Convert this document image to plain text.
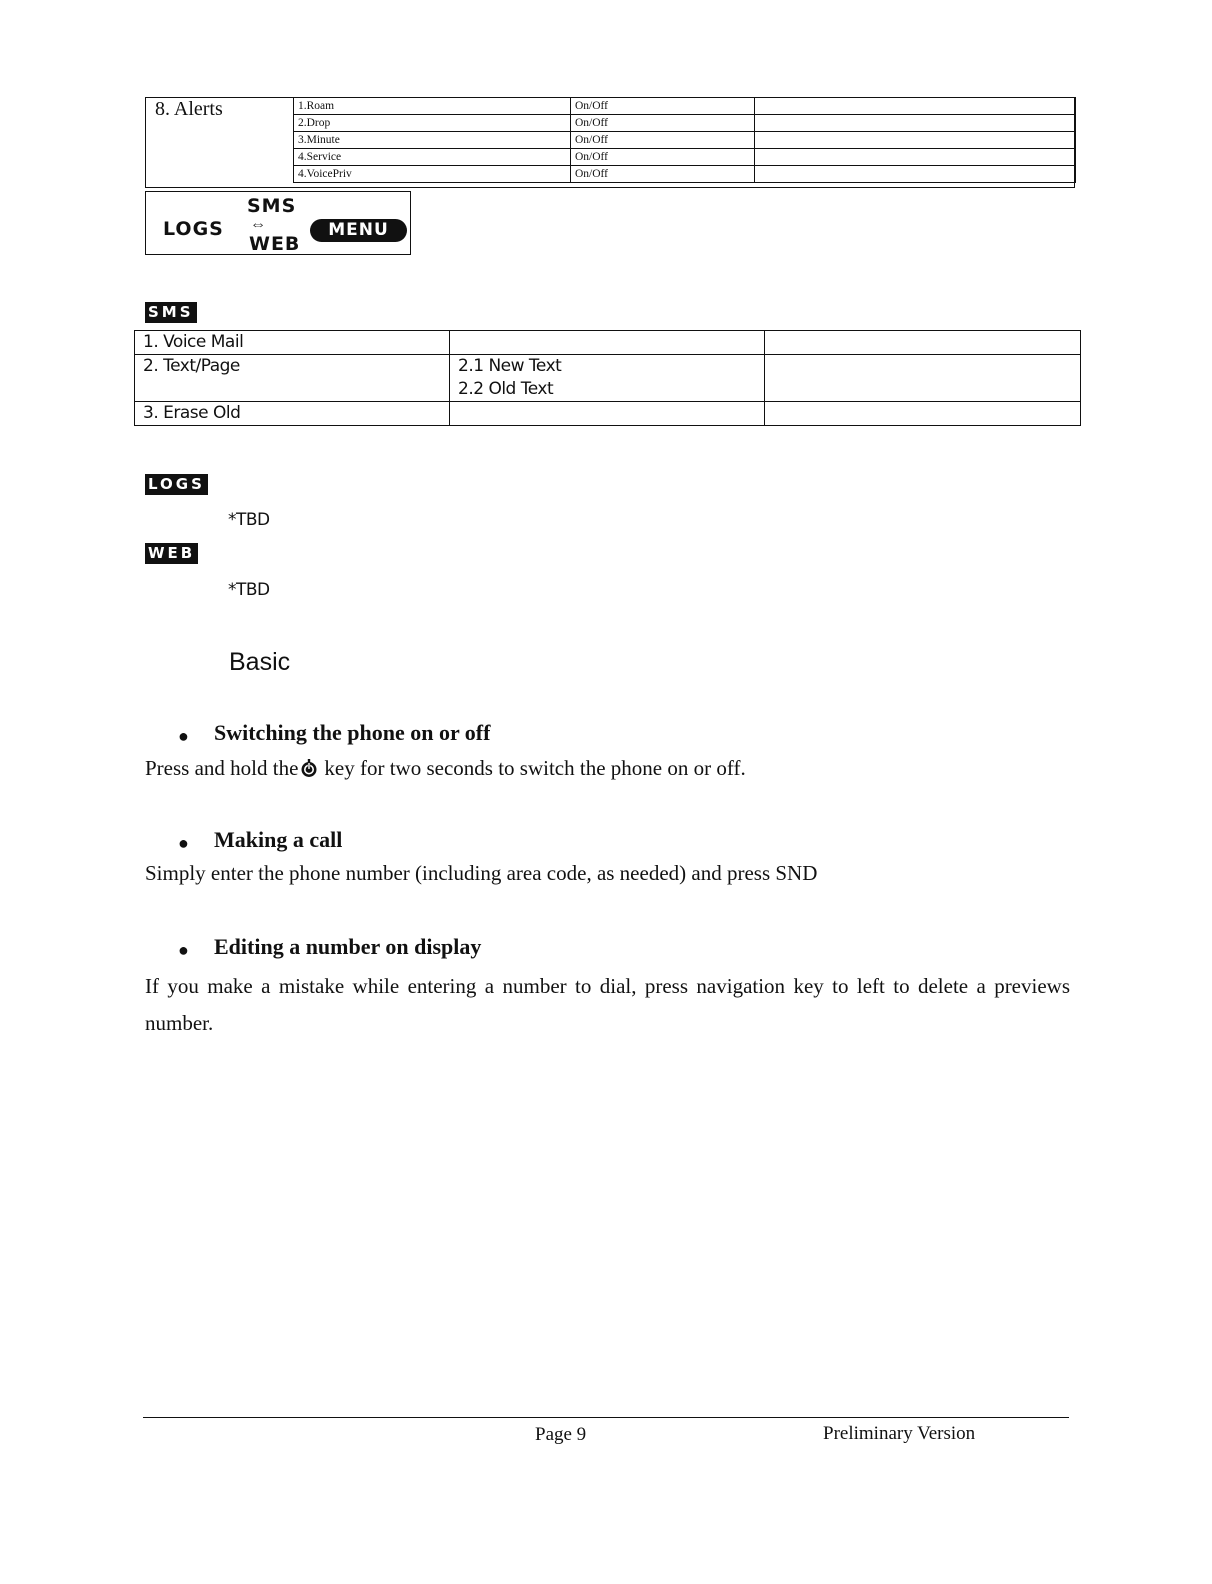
8. Alerts	1.Roam	On/Off	
2.Drop	On/Off	
3.Minute	On/Off	
4.Service	On/Off	
4.VoicePriv	On/Off	
LOGS
SMS
⇔
WEB
MENU
SMS
1. Voice Mail		
2. Text/Page	2.1 New Text
2.2 Old Text	

3. Erase Old		
LOGS
*TBD
WEB
*TBD
Basic
● Switching the phone on or off
Press and hold the key for two seconds to switch the phone on or off.
● Making a call
Simply enter the phone number (including area code, as needed) and press SND
● Editing a number on display
If you make a mistake while entering a number to dial, press navigation key to left to delete a previews number.
Page 9	Preliminary Version
